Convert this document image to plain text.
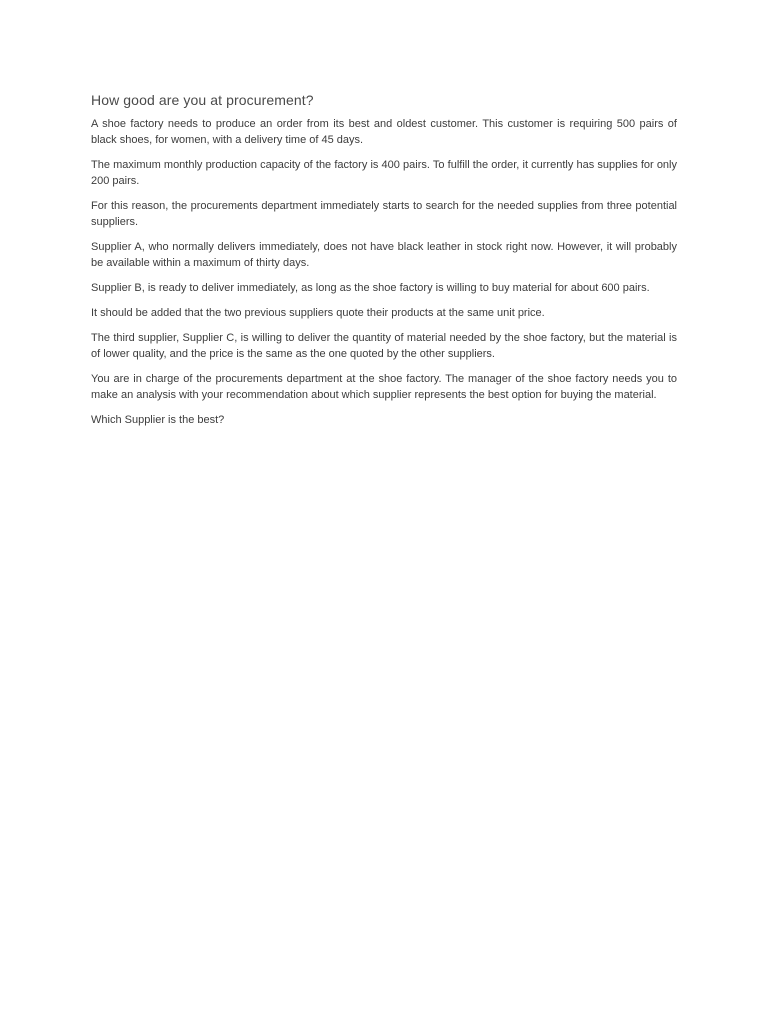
How good are you at procurement?

A shoe factory needs to produce an order from its best and oldest customer. This customer is requiring 500 pairs of black shoes, for women, with a delivery time of 45 days.

The maximum monthly production capacity of the factory is 400 pairs. To fulfill the order, it currently has supplies for only 200 pairs.

For this reason, the procurements department immediately starts to search for the needed supplies from three potential suppliers.

Supplier A, who normally delivers immediately, does not have black leather in stock right now. However, it will probably be available within a maximum of thirty days.

Supplier B, is ready to deliver immediately, as long as the shoe factory is willing to buy material for about 600 pairs.

It should be added that the two previous suppliers quote their products at the same unit price.

The third supplier, Supplier C, is willing to deliver the quantity of material needed by the shoe factory, but the material is of lower quality, and the price is the same as the one quoted by the other suppliers.

You are in charge of the procurements department at the shoe factory. The manager of the shoe factory needs you to make an analysis with your recommendation about which supplier represents the best option for buying the material.

Which Supplier is the best?
